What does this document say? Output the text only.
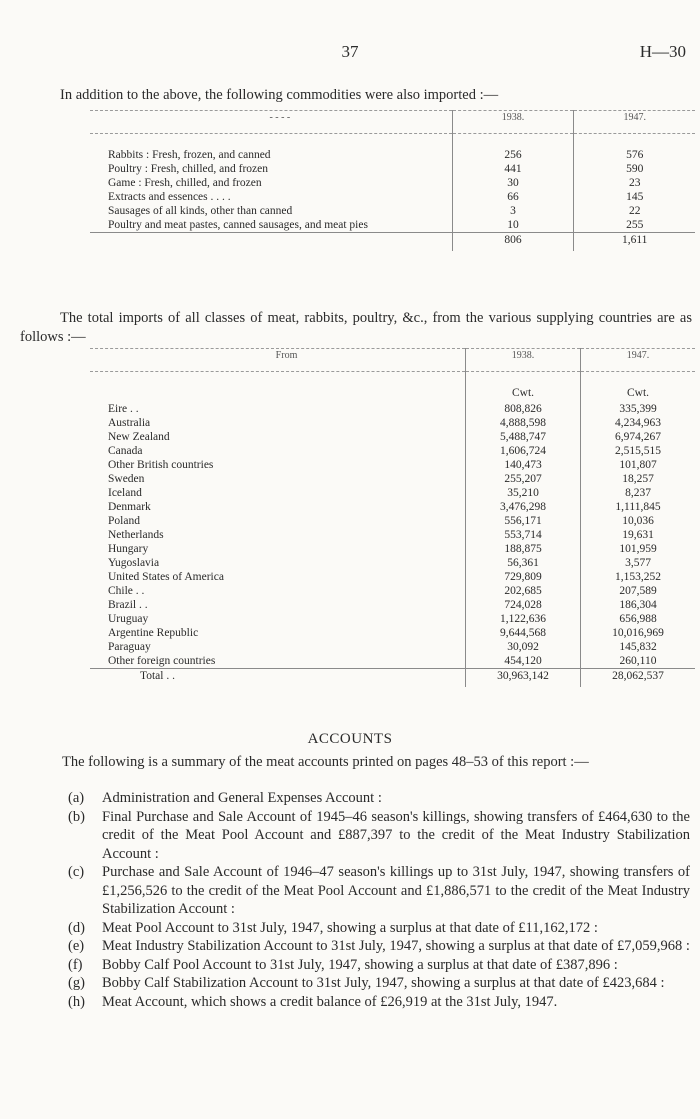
37	H—30
In addition to the above, the following commodities were also imported :—
- - - -	1938.	1947.

Rabbits : Fresh, frozen, and canned	256	576
Poultry : Fresh, chilled, and frozen	441	590
Game : Fresh, chilled, and frozen	30	23
Extracts and essences . . . .	66	145
Sausages of all kinds, other than canned	3	22
Poultry and meat pastes, canned sausages, and meat pies	10	255
	806	1,611
The total imports of all classes of meat, rabbits, poultry, &c., from the various supplying countries are as follows :—
From	1938.	1947.

	Cwt.	Cwt.
Eire . .	808,826	335,399
Australia	4,888,598	4,234,963
New Zealand	5,488,747	6,974,267
Canada	1,606,724	2,515,515
Other British countries	140,473	101,807
Sweden	255,207	18,257
Iceland	35,210	8,237
Denmark	3,476,298	1,111,845
Poland	556,171	10,036
Netherlands	553,714	19,631
Hungary	188,875	101,959
Yugoslavia	56,361	3,577
United States of America	729,809	1,153,252
Chile . .	202,685	207,589
Brazil . .	724,028	186,304
Uruguay	1,122,636	656,988
Argentine Republic	9,644,568	10,016,969
Paraguay	30,092	145,832
Other foreign countries	454,120	260,110
Total . .	30,963,142	28,062,537
ACCOUNTS
The following is a summary of the meat accounts printed on pages 48–53 of this report :—
(a) Administration and General Expenses Account :
(b) Final Purchase and Sale Account of 1945–46 season's killings, showing transfers of £464,630 to the credit of the Meat Pool Account and £887,397 to the credit of the Meat Industry Stabilization Account :
(c) Purchase and Sale Account of 1946–47 season's killings up to 31st July, 1947, showing transfers of £1,256,526 to the credit of the Meat Pool Account and £1,886,571 to the credit of the Meat Industry Stabilization Account :
(d) Meat Pool Account to 31st July, 1947, showing a surplus at that date of £11,162,172 :
(e) Meat Industry Stabilization Account to 31st July, 1947, showing a surplus at that date of £7,059,968 :
(f) Bobby Calf Pool Account to 31st July, 1947, showing a surplus at that date of £387,896 :
(g) Bobby Calf Stabilization Account to 31st July, 1947, showing a surplus at that date of £423,684 :
(h) Meat Account, which shows a credit balance of £26,919 at the 31st July, 1947.
